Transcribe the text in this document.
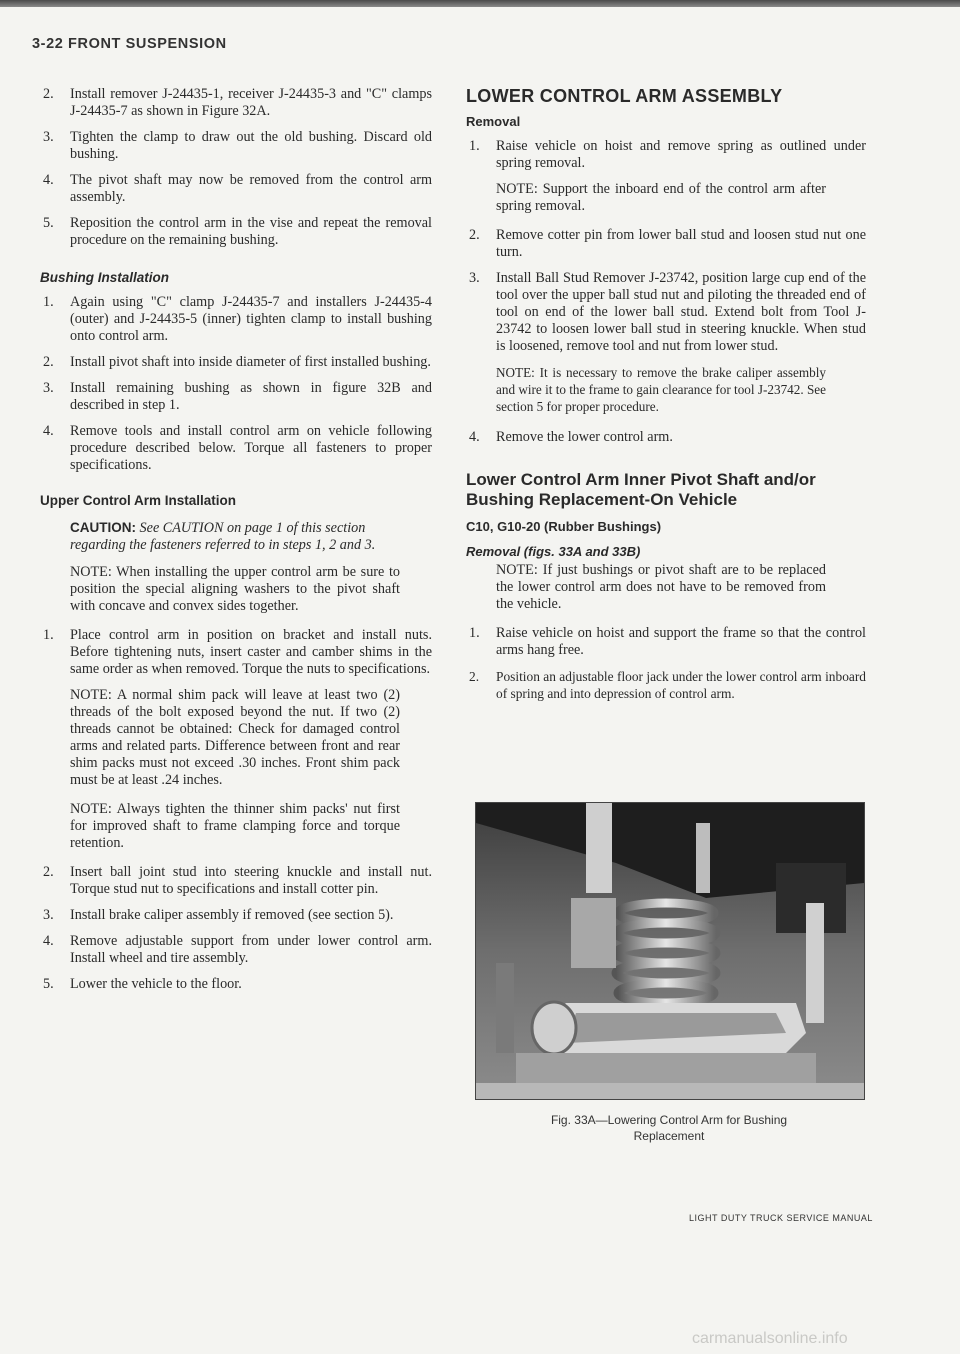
3-22 FRONT SUSPENSION
2. Install remover J-24435-1, receiver J-24435-3 and "C" clamps J-24435-7 as shown in Figure 32A.
3. Tighten the clamp to draw out the old bushing. Discard old bushing.
4. The pivot shaft may now be removed from the control arm assembly.
5. Reposition the control arm in the vise and repeat the removal procedure on the remaining bushing.
Bushing Installation
1. Again using "C" clamp J-24435-7 and installers J-24435-4 (outer) and J-24435-5 (inner) tighten clamp to install bushing onto control arm.
2. Install pivot shaft into inside diameter of first installed bushing.
3. Install remaining bushing as shown in figure 32B and described in step 1.
4. Remove tools and install control arm on vehicle following procedure described below. Torque all fasteners to proper specifications.
Upper Control Arm Installation
CAUTION: See CAUTION on page 1 of this section regarding the fasteners referred to in steps 1, 2 and 3.
NOTE: When installing the upper control arm be sure to position the special aligning washers to the pivot shaft with concave and convex sides together.
1. Place control arm in position on bracket and install nuts. Before tightening nuts, insert caster and camber shims in the same order as when removed. Torque the nuts to specifications.
NOTE: A normal shim pack will leave at least two (2) threads of the bolt exposed beyond the nut. If two (2) threads cannot be obtained: Check for damaged control arms and related parts. Difference between front and rear shim packs must not exceed .30 inches. Front shim pack must be at least .24 inches.
NOTE: Always tighten the thinner shim packs' nut first for improved shaft to frame clamping force and torque retention.
2. Insert ball joint stud into steering knuckle and install nut. Torque stud nut to specifications and install cotter pin.
3. Install brake caliper assembly if removed (see section 5).
4. Remove adjustable support from under lower control arm. Install wheel and tire assembly.
5. Lower the vehicle to the floor.
LOWER CONTROL ARM ASSEMBLY
Removal
1. Raise vehicle on hoist and remove spring as outlined under spring removal.
NOTE: Support the inboard end of the control arm after spring removal.
2. Remove cotter pin from lower ball stud and loosen stud nut one turn.
3. Install Ball Stud Remover J-23742, position large cup end of the tool over the upper ball stud nut and piloting the threaded end of tool on end of the lower ball stud. Extend bolt from Tool J-23742 to loosen lower ball stud in steering knuckle. When stud is loosened, remove tool and nut from lower stud.
NOTE: It is necessary to remove the brake caliper assembly and wire it to the frame to gain clearance for tool J-23742. See section 5 for proper procedure.
4. Remove the lower control arm.
Lower Control Arm Inner Pivot Shaft and/or Bushing Replacement-On Vehicle
C10, G10-20 (Rubber Bushings)
Removal (figs. 33A and 33B)
NOTE: If just bushings or pivot shaft are to be replaced the lower control arm does not have to be removed from the vehicle.
1. Raise vehicle on hoist and support the frame so that the control arms hang free.
2. Position an adjustable floor jack under the lower control arm inboard of spring and into depression of control arm.
Fig. 33A—Lowering Control Arm for Bushing
Replacement
LIGHT DUTY TRUCK SERVICE MANUAL
carmanualsonline.info
